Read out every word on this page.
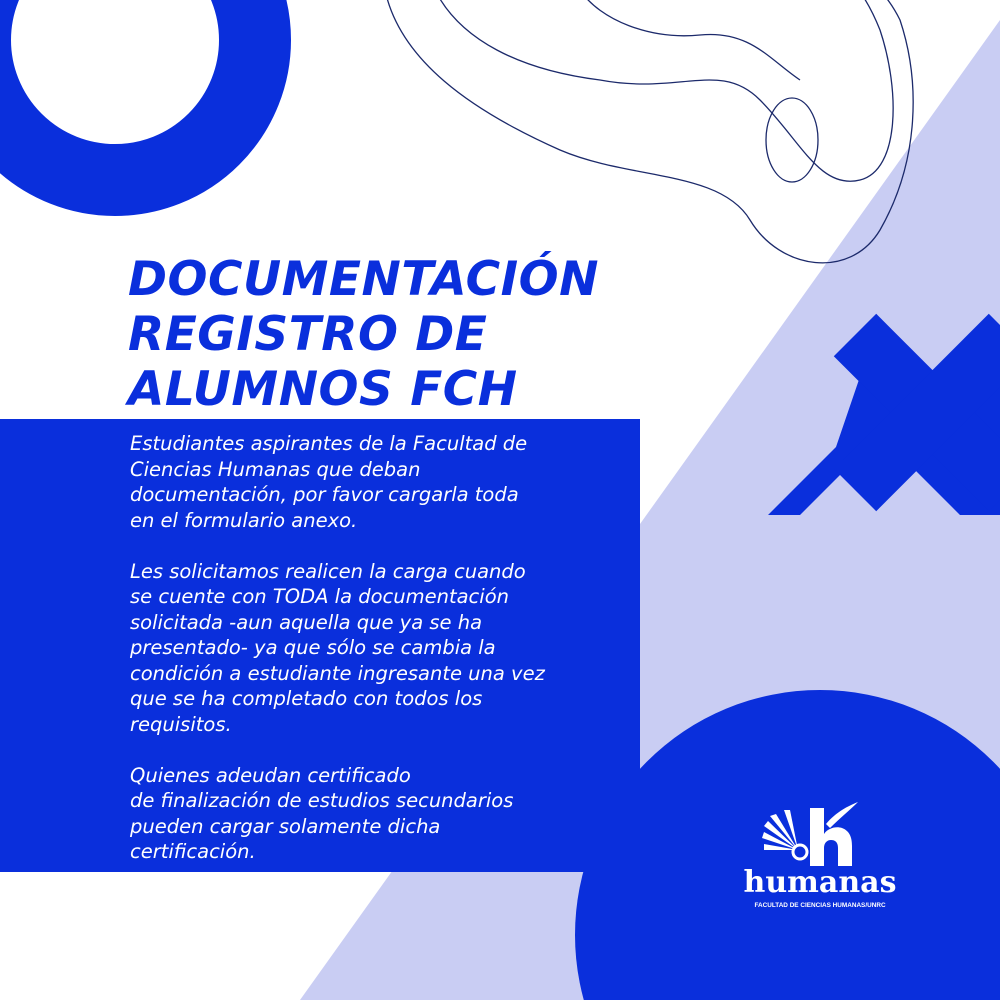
DOCUMENTACIÓN
REGISTRO DE
ALUMNOS FCH

Estudiantes aspirantes de la Facultad de
Ciencias Humanas que deban
documentación, por favor cargarla toda
en el formulario anexo.

Les solicitamos realicen la carga cuando
se cuente con TODA la documentación
solicitada -aun aquella que ya se ha
presentado- ya que sólo se cambia la
condición a estudiante ingresante una vez
que se ha completado con todos los
requisitos.

Quienes adeudan certificado
de finalización de estudios secundarios
pueden cargar solamente dicha
certificación.

humanas
FACULTAD DE CIENCIAS HUMANAS/UNRC
